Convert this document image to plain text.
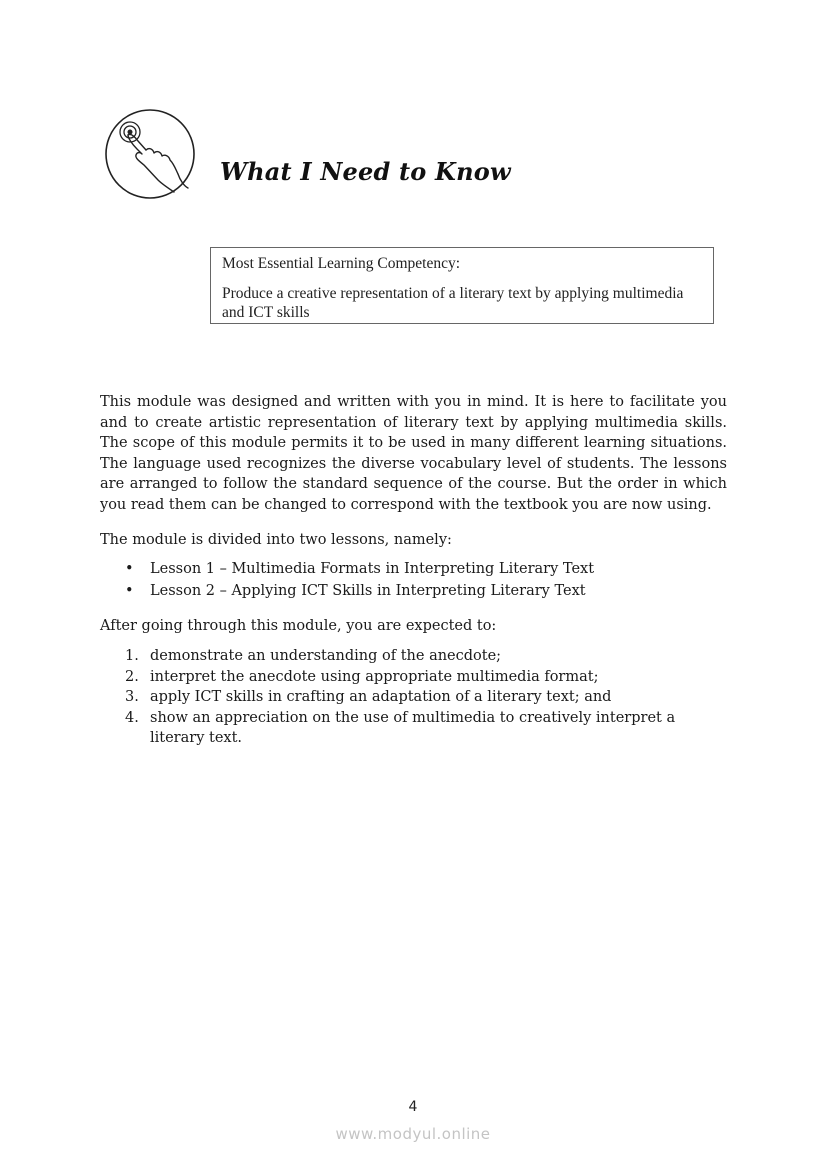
What I Need to Know

Most Essential Learning Competency:

Produce a creative representation of a literary text by applying multimedia and ICT skills

This module was designed and written with you in mind. It is here to facilitate you and to create artistic representation of literary text by applying multimedia skills. The scope of this module permits it to be used in many different learning situations. The language used recognizes the diverse vocabulary level of students. The lessons are arranged to follow the standard sequence of the course. But the order in which you read them can be changed to correspond with the textbook you are now using.

The module is divided into two lessons, namely:

• Lesson 1 – Multimedia Formats in Interpreting Literary Text
• Lesson 2 – Applying ICT Skills in Interpreting Literary Text

After going through this module, you are expected to:

1. demonstrate an understanding of the anecdote;
2. interpret the anecdote using appropriate multimedia format;
3. apply ICT skills in crafting an adaptation of a literary text; and
4. show an appreciation on the use of multimedia to creatively interpret a literary text.
4
www.modyul.online
